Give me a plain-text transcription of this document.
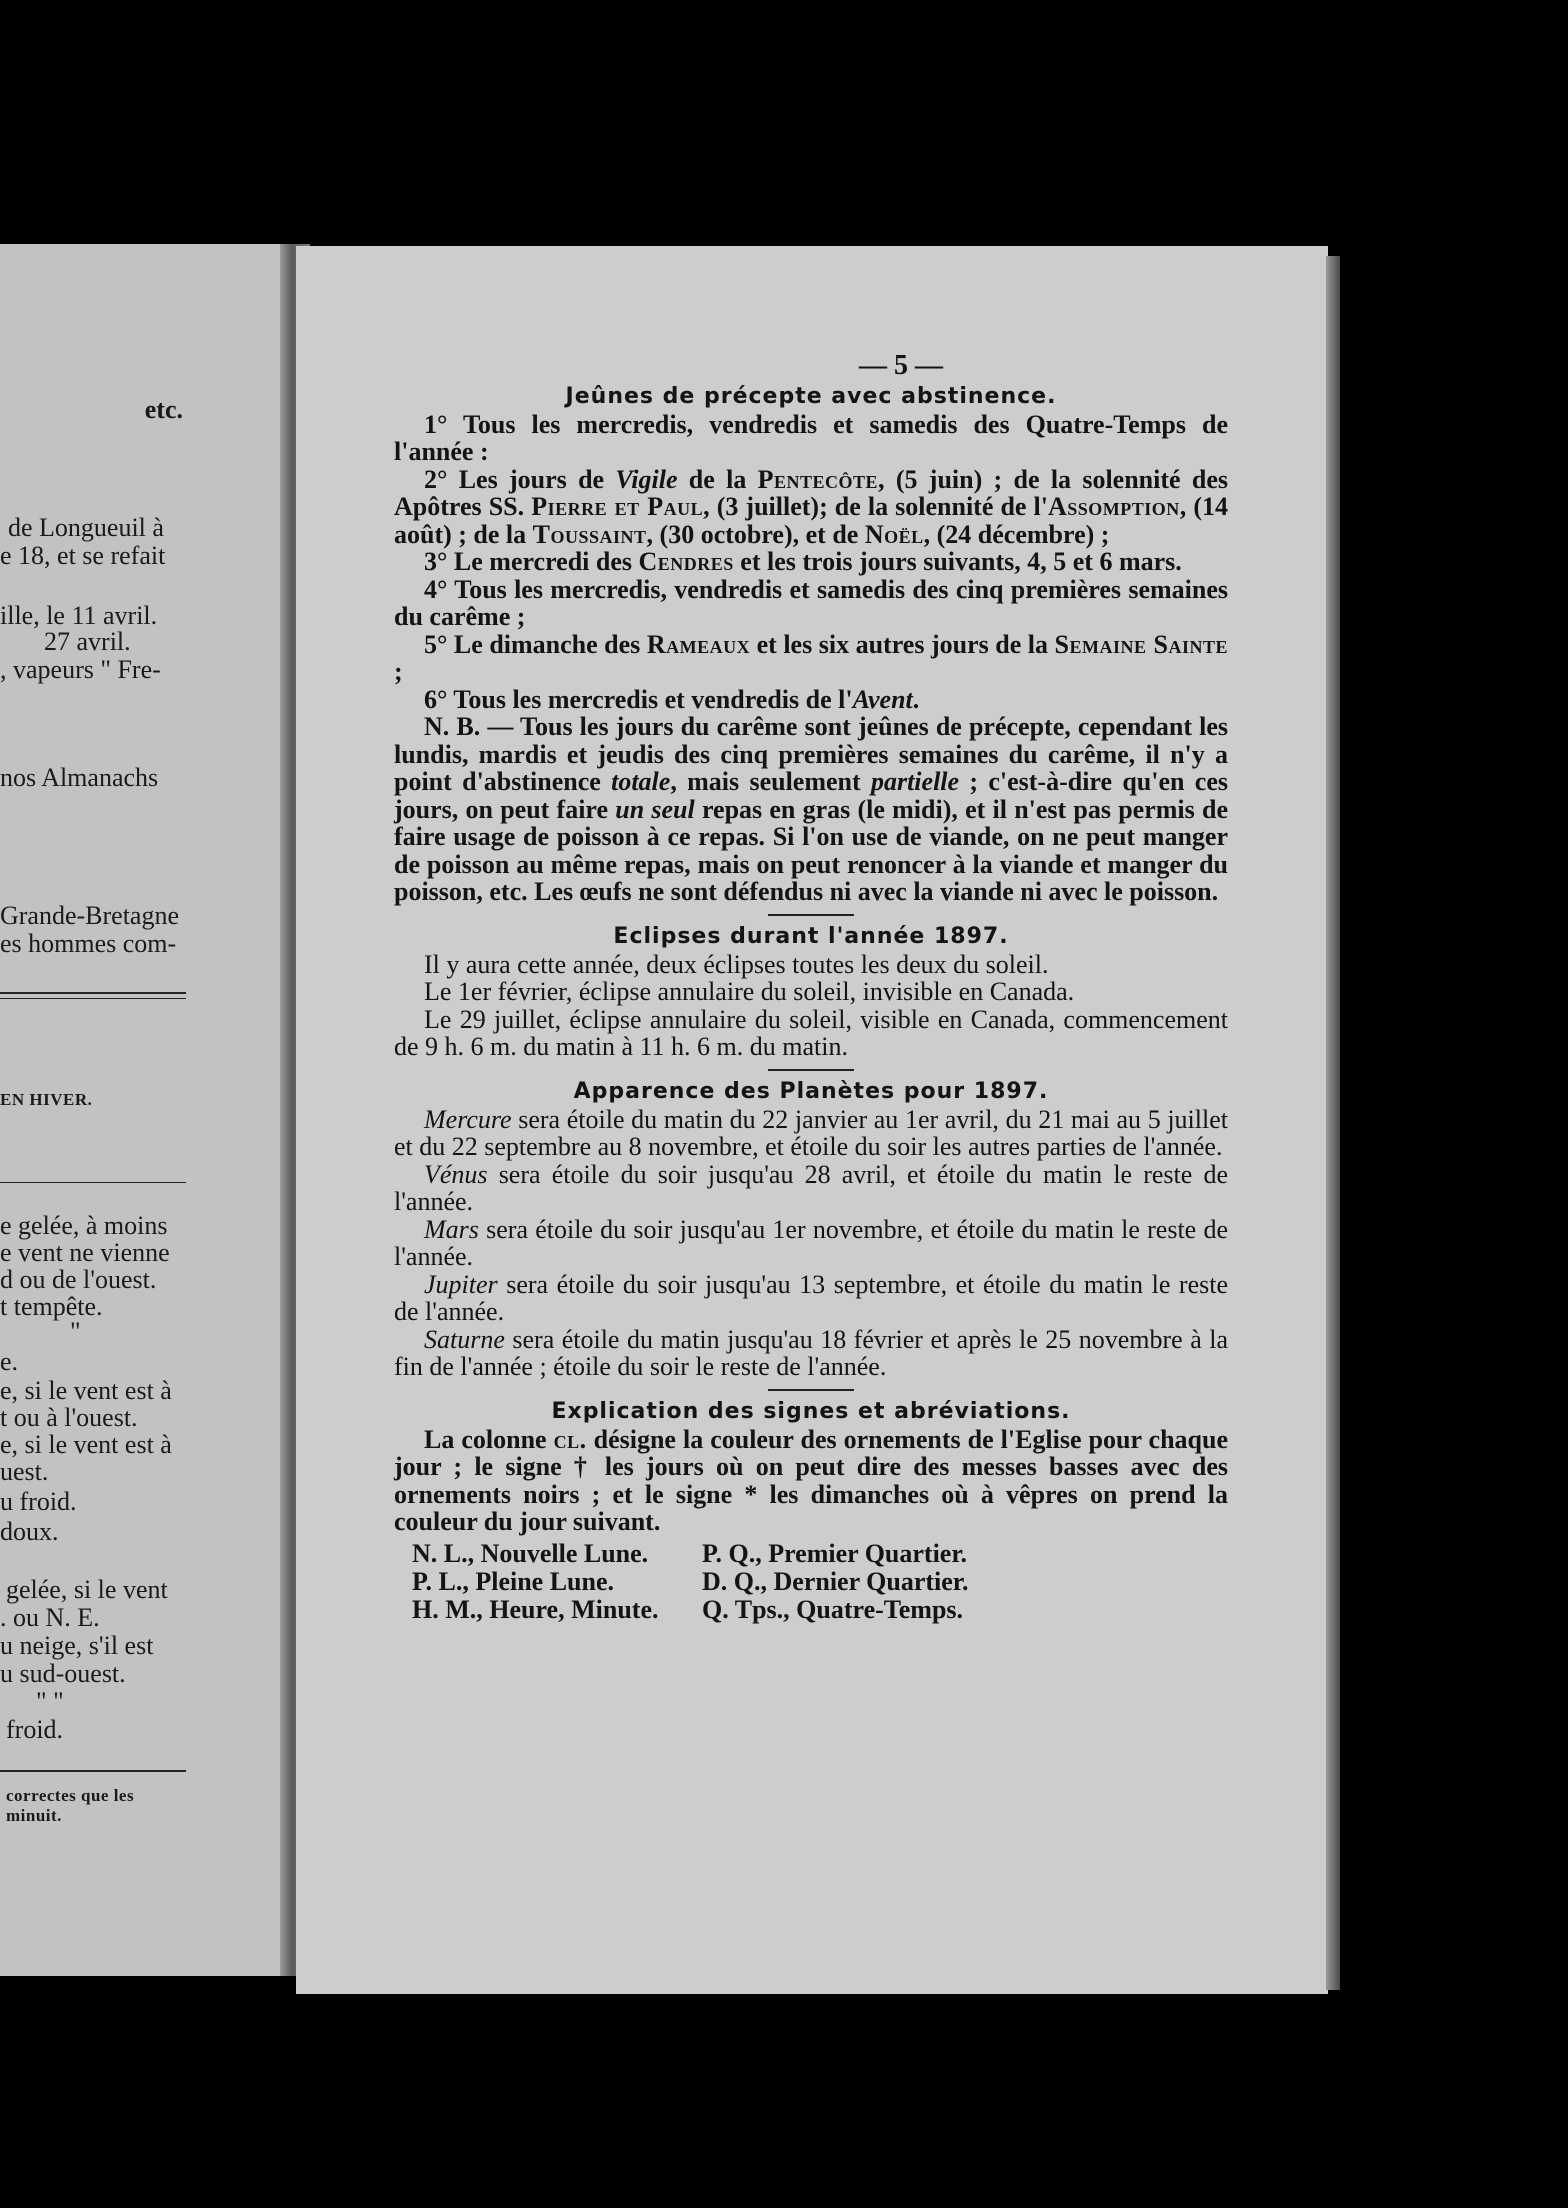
etc.
de Longueuil à
e 18, et se refait
ille, le 11 avril.
27 avril.
, vapeurs " Fre-
nos Almanachs
Grande-Bretagne
es hommes com-
EN HIVER.
e gelée, à moins
e vent ne vienne
d ou de l'ouest.
t tempête.
"
e.
e, si le vent est à
t ou à l'ouest.
e, si le vent est à
uest.
u froid.
doux.
gelée, si le vent
. ou N. E.
u neige, s'il est
u sud-ouest.
" "
froid.
correctes que les
minuit.
— 5 —
Jeûnes de précepte avec abstinence.

1° Tous les mercredis, vendredis et samedis des Quatre-Temps de l'année :

2° Les jours de Vigile de la Pentecôte, (5 juin) ; de la solennité des Apôtres SS. Pierre et Paul, (3 juillet); de la solennité de l'Assomption, (14 août) ; de la Toussaint, (30 octobre), et de Noël, (24 décembre) ;

3° Le mercredi des Cendres et les trois jours suivants, 4, 5 et 6 mars.

4° Tous les mercredis, vendredis et samedis des cinq premières semaines du carême ;

5° Le dimanche des Rameaux et les six autres jours de la Semaine Sainte ;

6° Tous les mercredis et vendredis de l'Avent.

N. B. — Tous les jours du carême sont jeûnes de précepte, cependant les lundis, mardis et jeudis des cinq premières semaines du carême, il n'y a point d'abstinence totale, mais seulement partielle ; c'est-à-dire qu'en ces jours, on peut faire un seul repas en gras (le midi), et il n'est pas permis de faire usage de poisson à ce repas. Si l'on use de viande, on ne peut manger de poisson au même repas, mais on peut renoncer à la viande et manger du poisson, etc. Les œufs ne sont défendus ni avec la viande ni avec le poisson.

Eclipses durant l'année 1897.

Il y aura cette année, deux éclipses toutes les deux du soleil.

Le 1er février, éclipse annulaire du soleil, invisible en Canada.

Le 29 juillet, éclipse annulaire du soleil, visible en Canada, commencement de 9 h. 6 m. du matin à 11 h. 6 m. du matin.

Apparence des Planètes pour 1897.

Mercure sera étoile du matin du 22 janvier au 1er avril, du 21 mai au 5 juillet et du 22 septembre au 8 novembre, et étoile du soir les autres parties de l'année.

Vénus sera étoile du soir jusqu'au 28 avril, et étoile du matin le reste de l'année.

Mars sera étoile du soir jusqu'au 1er novembre, et étoile du matin le reste de l'année.

Jupiter sera étoile du soir jusqu'au 13 septembre, et étoile du matin le reste de l'année.

Saturne sera étoile du matin jusqu'au 18 février et après le 25 novembre à la fin de l'année ; étoile du soir le reste de l'année.

Explication des signes et abréviations.

La colonne cl. désigne la couleur des ornements de l'Eglise pour chaque jour ; le signe † les jours où on peut dire des messes basses avec des ornements noirs ; et le signe * les dimanches où à vêpres on prend la couleur du jour suivant.

N. L., Nouvelle Lune.	P. Q., Premier Quartier.
P. L., Pleine Lune.	D. Q., Dernier Quartier.
H. M., Heure, Minute.	Q. Tps., Quatre-Temps.
